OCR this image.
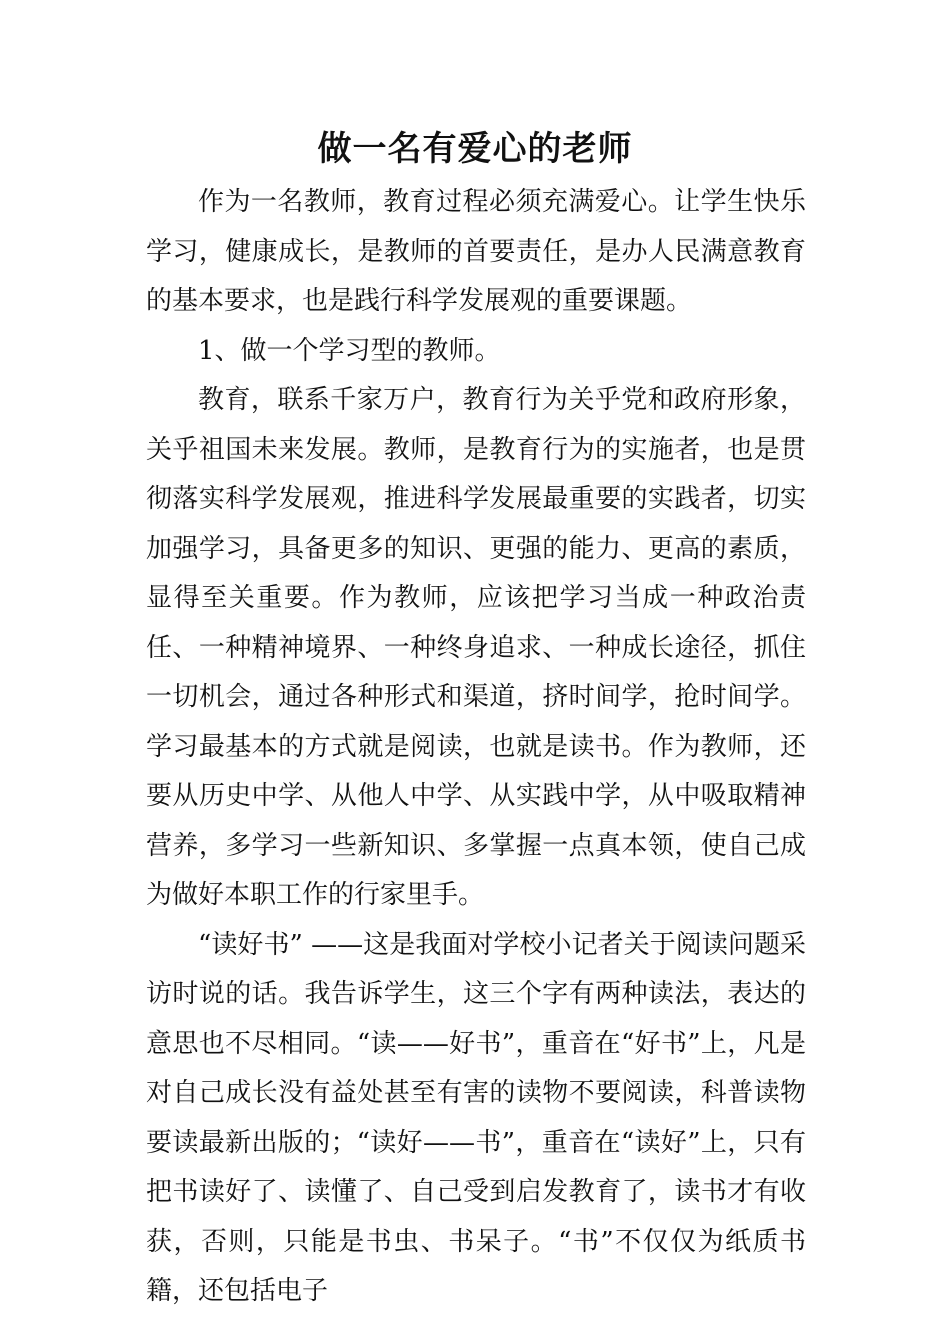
做一名有爱心的老师

作为一名教师，教育过程必须充满爱心。让学生快乐学习，健康成长，是教师的首要责任，是办人民满意教育的基本要求，也是践行科学发展观的重要课题。

1、做一个学习型的教师。

教育，联系千家万户，教育行为关乎党和政府形象，关乎祖国未来发展。教师，是教育行为的实施者，也是贯彻落实科学发展观，推进科学发展最重要的实践者，切实加强学习，具备更多的知识、更强的能力、更高的素质，显得至关重要。作为教师，应该把学习当成一种政治责任、一种精神境界、一种终身追求、一种成长途径，抓住一切机会，通过各种形式和渠道，挤时间学，抢时间学。学习最基本的方式就是阅读，也就是读书。作为教师，还要从历史中学、从他人中学、从实践中学，从中吸取精神营养，多学习一些新知识、多掌握一点真本领，使自己成为做好本职工作的行家里手。

“读好书” ——这是我面对学校小记者关于阅读问题采访时说的话。我告诉学生，这三个字有两种读法，表达的意思也不尽相同。“读——好书”，重音在“好书”上，凡是对自己成长没有益处甚至有害的读物不要阅读，科普读物要读最新出版的；“读好——书”，重音在“读好”上，只有把书读好了、读懂了、自己受到启发教育了，读书才有收获，否则，只能是书虫、书呆子。“书”不仅仅为纸质书籍，还包括电子
